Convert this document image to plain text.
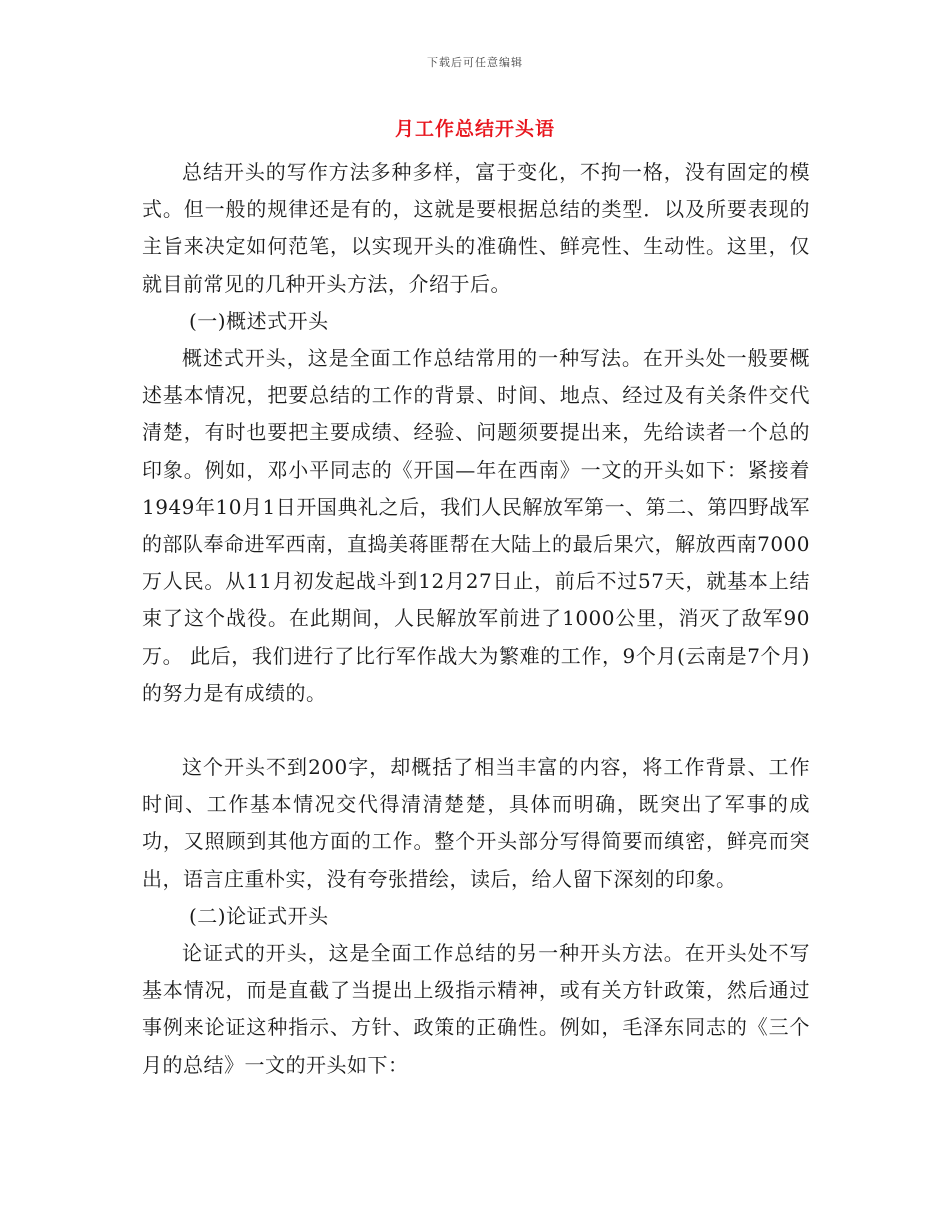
下载后可任意编辑
月工作总结开头语

总结开头的写作方法多种多样，富于变化，不拘一格，没有固定的模式。但一般的规律还是有的，这就是要根据总结的类型．以及所要表现的主旨来决定如何范笔，以实现开头的准确性、鲜亮性、生动性。这里，仅就目前常见的几种开头方法，介绍于后。

(一)概述式开头

概述式开头，这是全面工作总结常用的一种写法。在开头处一般要概述基本情况，把要总结的工作的背景、时间、地点、经过及有关条件交代清楚，有时也要把主要成绩、经验、问题须要提出来，先给读者一个总的印象。例如，邓小平同志的《开国—年在西南》一文的开头如下：紧接着1949年10月1日开国典礼之后，我们人民解放军第一、第二、第四野战军的部队奉命进军西南，直捣美蒋匪帮在大陆上的最后果穴，解放西南7000万人民。从11月初发起战斗到12月27日止，前后不过57天，就基本上结束了这个战役。在此期间，人民解放军前进了1000公里，消灭了敌军90万。 此后，我们进行了比行军作战大为繁难的工作，9个月(云南是7个月)的努力是有成绩的。

这个开头不到200字，却概括了相当丰富的内容，将工作背景、工作时间、工作基本情况交代得清清楚楚，具体而明确，既突出了军事的成功，又照顾到其他方面的工作。整个开头部分写得简要而缜密，鲜亮而突出，语言庄重朴实，没有夸张措绘，读后，给人留下深刻的印象。

(二)论证式开头

论证式的开头，这是全面工作总结的另一种开头方法。在开头处不写基本情况，而是直截了当提出上级指示精神，或有关方针政策，然后通过事例来论证这种指示、方针、政策的正确性。例如，毛泽东同志的《三个月的总结》一文的开头如下：
